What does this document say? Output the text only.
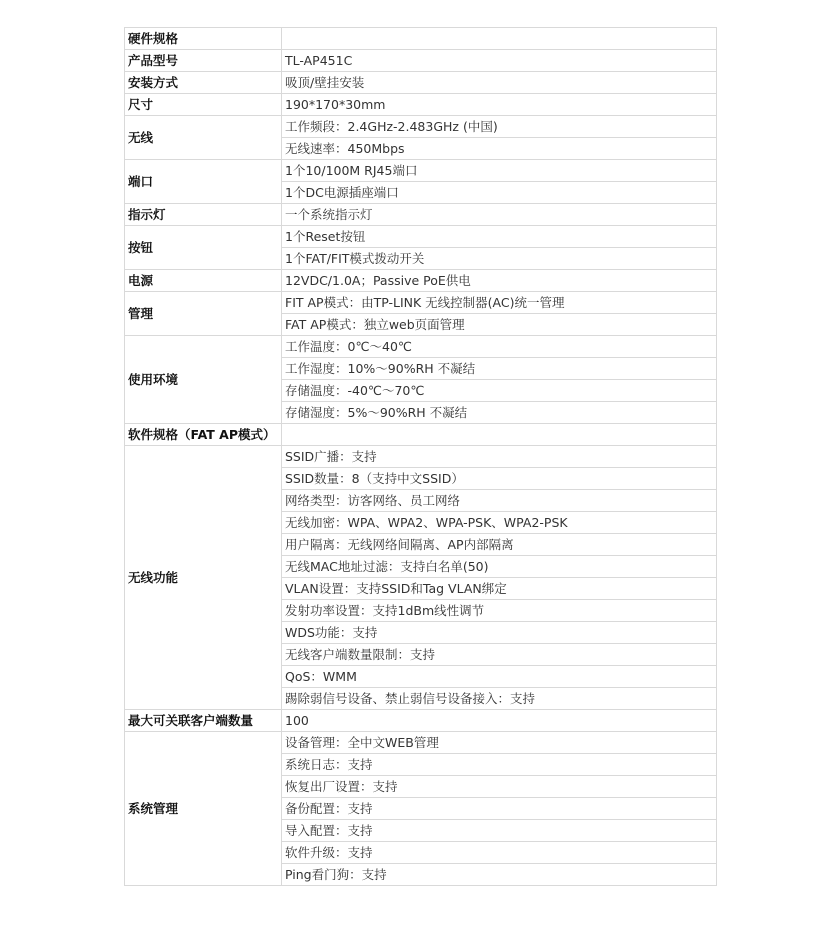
硬件规格	
产品型号	TL-AP451C
安装方式	吸顶/壁挂安装
尺寸	190*170*30mm
无线	工作频段：2.4GHz-2.483GHz (中国)
	无线速率：450Mbps
端口	1个10/100M RJ45端口
	1个DC电源插座端口
指示灯	一个系统指示灯
按钮	1个Reset按钮
	1个FAT/FIT模式拨动开关
电源	12VDC/1.0A；Passive PoE供电
管理	FIT AP模式：由TP-LINK 无线控制器(AC)统一管理
	FAT AP模式：独立web页面管理
使用环境	工作温度：0℃～40℃
	工作湿度：10%～90%RH 不凝结
	存储温度：-40℃～70℃
	存储湿度：5%～90%RH 不凝结
软件规格（FAT AP模式）	
无线功能	SSID广播：支持
	SSID数量：8（支持中文SSID）
	网络类型：访客网络、员工网络
	无线加密：WPA、WPA2、WPA-PSK、WPA2-PSK
	用户隔离：无线网络间隔离、AP内部隔离
	无线MAC地址过滤：支持白名单(50)
	VLAN设置：支持SSID和Tag VLAN绑定
	发射功率设置：支持1dBm线性调节
	WDS功能：支持
	无线客户端数量限制：支持
	QoS：WMM
	踢除弱信号设备、禁止弱信号设备接入：支持
最大可关联客户端数量	100
系统管理	设备管理：全中文WEB管理
	系统日志：支持
	恢复出厂设置：支持
	备份配置：支持
	导入配置：支持
	软件升级：支持
	Ping看门狗：支持
